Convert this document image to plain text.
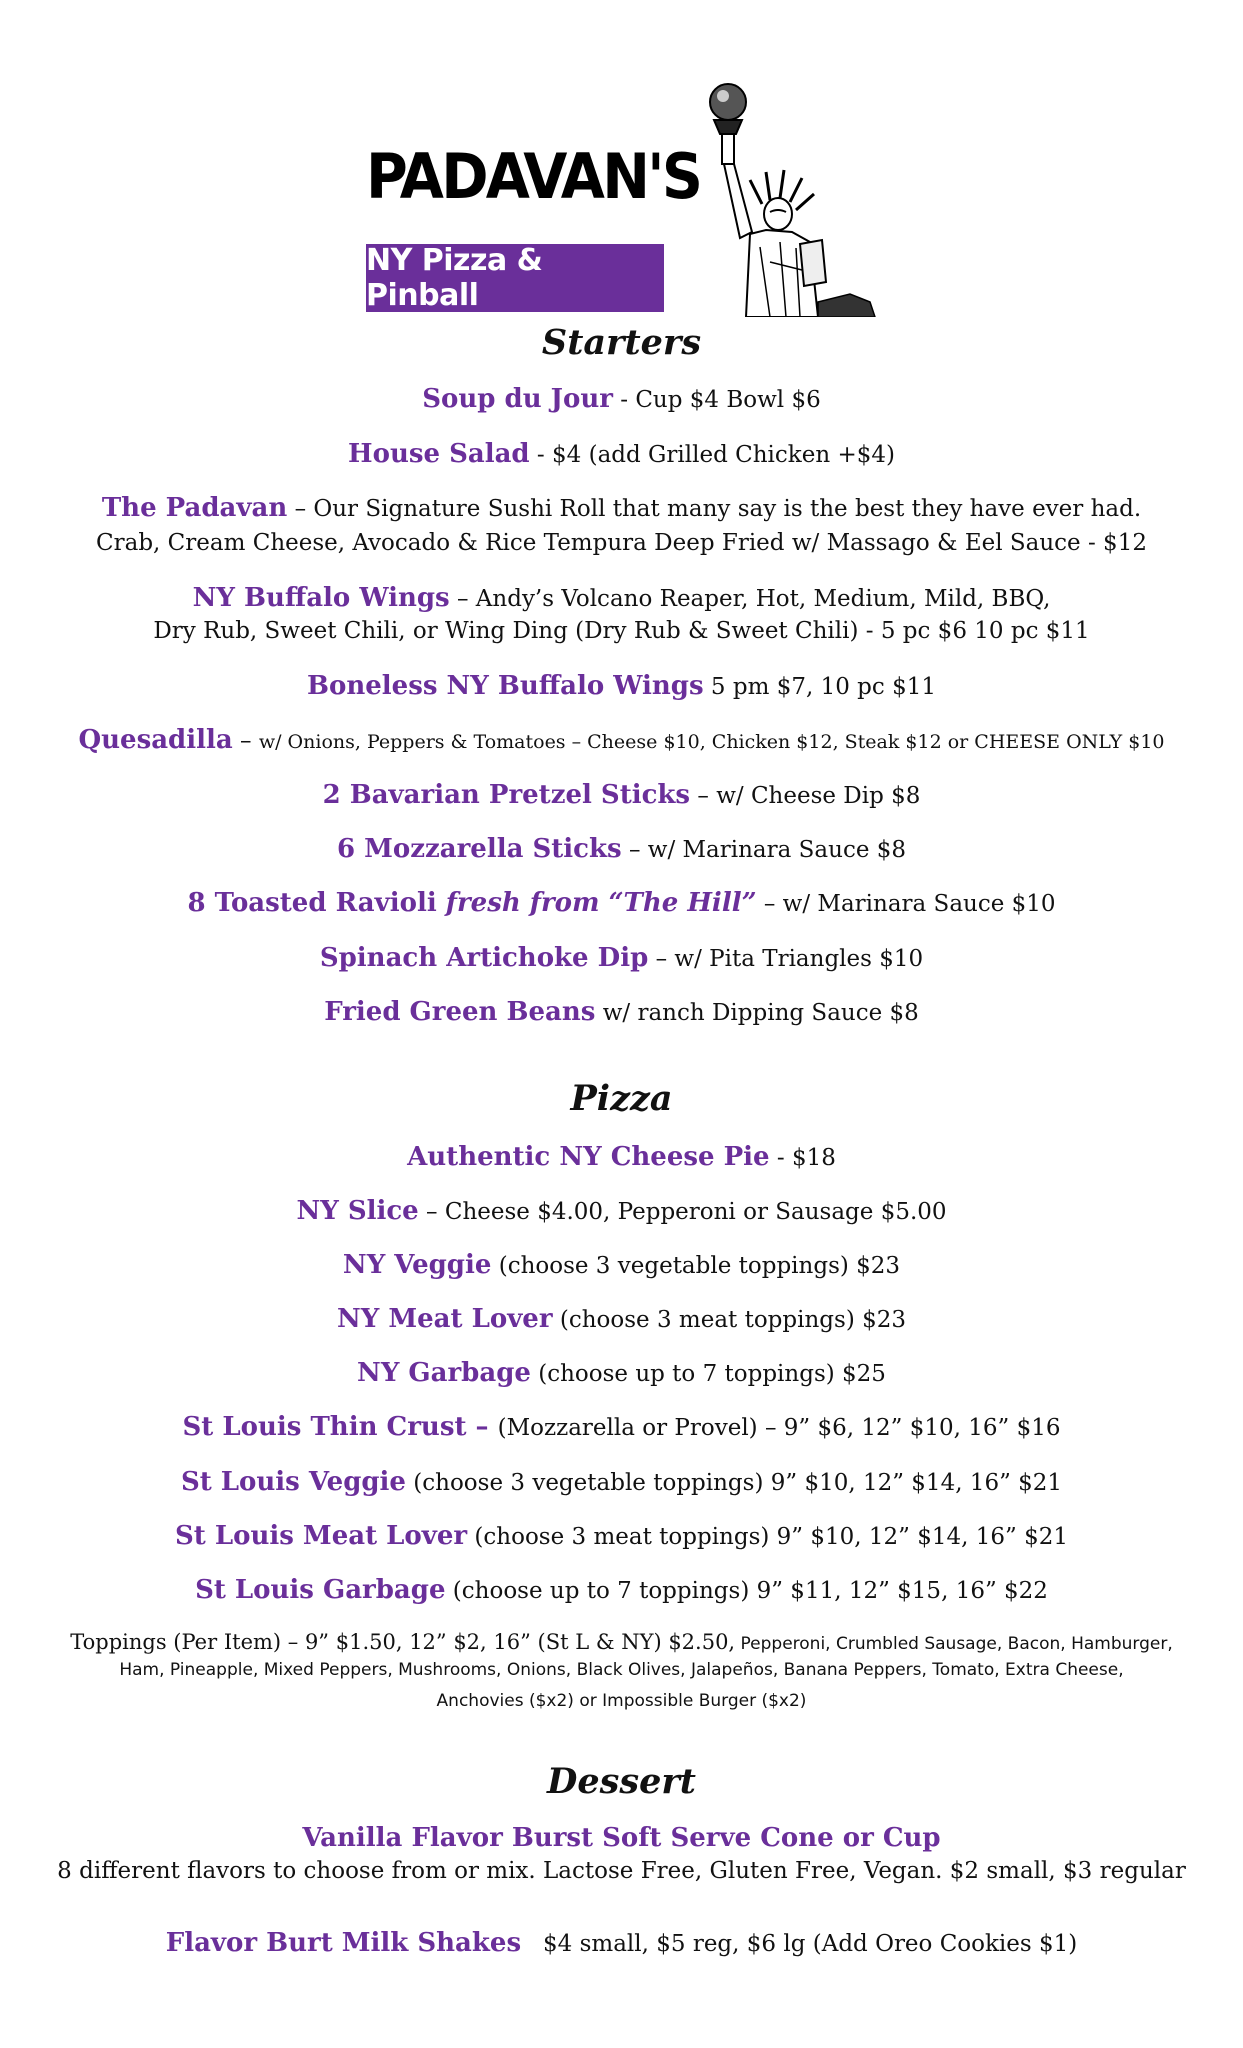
PADAVAN'S
NY Pizza & Pinball
Starters
Soup du Jour - Cup $4 Bowl $6
House Salad - $4 (add Grilled Chicken +$4)
The Padavan – Our Signature Sushi Roll that many say is the best they have ever had.
Crab, Cream Cheese, Avocado & Rice Tempura Deep Fried w/ Massago & Eel Sauce - $12
NY Buffalo Wings – Andy’s Volcano Reaper, Hot, Medium, Mild, BBQ,
Dry Rub, Sweet Chili, or Wing Ding (Dry Rub & Sweet Chili) - 5 pc $6 10 pc $11
Boneless NY Buffalo Wings 5 pm $7, 10 pc $11
Quesadilla – w/ Onions, Peppers & Tomatoes – Cheese $10, Chicken $12, Steak $12 or CHEESE ONLY $10
2 Bavarian Pretzel Sticks – w/ Cheese Dip $8
6 Mozzarella Sticks – w/ Marinara Sauce $8
8 Toasted Ravioli fresh from “The Hill” – w/ Marinara Sauce $10
Spinach Artichoke Dip – w/ Pita Triangles $10
Fried Green Beans w/ ranch Dipping Sauce $8
Pizza
Authentic NY Cheese Pie - $18
NY Slice – Cheese $4.00, Pepperoni or Sausage $5.00
NY Veggie (choose 3 vegetable toppings) $23
NY Meat Lover (choose 3 meat toppings) $23
NY Garbage (choose up to 7 toppings) $25
St Louis Thin Crust – (Mozzarella or Provel) – 9” $6, 12” $10, 16” $16
St Louis Veggie (choose 3 vegetable toppings) 9” $10, 12” $14, 16” $21
St Louis Meat Lover (choose 3 meat toppings) 9” $10, 12” $14, 16” $21
St Louis Garbage (choose up to 7 toppings) 9” $11, 12” $15, 16” $22
Toppings (Per Item) – 9” $1.50, 12” $2, 16” (St L & NY) $2.50, Pepperoni, Crumbled Sausage, Bacon, Hamburger,
Ham, Pineapple, Mixed Peppers, Mushrooms, Onions, Black Olives, Jalapeños, Banana Peppers, Tomato, Extra Cheese,
Anchovies ($x2) or Impossible Burger ($x2)
Dessert
Vanilla Flavor Burst Soft Serve Cone or Cup
8 different flavors to choose from or mix. Lactose Free, Gluten Free, Vegan. $2 small, $3 regular
Flavor Burt Milk Shakes   $4 small, $5 reg, $6 lg (Add Oreo Cookies $1)
